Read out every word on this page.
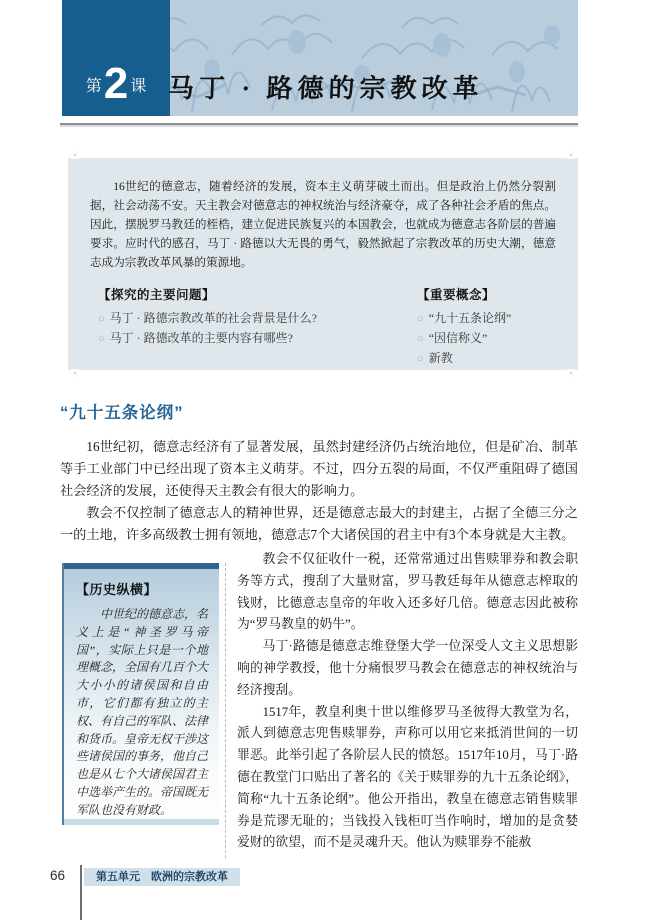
第 2 课 马丁 · 路德的宗教改革
16世纪的德意志，随着经济的发展，资本主义萌芽破土而出。但是政治上仍然分裂割据，社会动荡不安。天主教会对德意志的神权统治与经济豪夺，成了各种社会矛盾的焦点。因此，摆脱罗马教廷的桎梏，建立促进民族复兴的本国教会，也就成为德意志各阶层的普遍要求。应时代的感召，马丁 · 路德以大无畏的勇气，毅然掀起了宗教改革的历史大潮，德意志成为宗教改革风暴的策源地。
【探究的主要问题】
○ 马丁 · 路德宗教改革的社会背景是什么?
○ 马丁 · 路德改革的主要内容有哪些?
【重要概念】
○ “九十五条论纲”
○ “因信称义”
○ 新教
“九十五条论纲”

16世纪初，德意志经济有了显著发展，虽然封建经济仍占统治地位，但是矿冶、制革等手工业部门中已经出现了资本主义萌芽。不过，四分五裂的局面，不仅严重阻碍了德国社会经济的发展，还使得天主教会有很大的影响力。

教会不仅控制了德意志人的精神世界，还是德意志最大的封建主，占据了全德三分之一的土地，许多高级教士拥有领地，德意志7个大诸侯国的君主中有3个本身就是大主教。

【历史纵横】
中世纪的德意志，名义上是“神圣罗马帝国”，实际上只是一个地理概念，全国有几百个大大小小的诸侯国和自由市，它们都有独立的主权、有自己的军队、法律和货币。皇帝无权干涉这些诸侯国的事务，他自己也是从七个大诸侯国君主中选举产生的。帝国既无军队也没有财政。

教会不仅征收什一税，还常常通过出售赎罪券和教会职务等方式，搜刮了大量财富，罗马教廷每年从德意志榨取的钱财，比德意志皇帝的年收入还多好几倍。德意志因此被称为“罗马教皇的奶牛”。

马丁·路德是德意志维登堡大学一位深受人文主义思想影响的神学教授，他十分痛恨罗马教会在德意志的神权统治与经济搜刮。

1517年，教皇利奥十世以维修罗马圣彼得大教堂为名，派人到德意志兜售赎罪券，声称可以用它来抵消世间的一切罪恶。此举引起了各阶层人民的愤怒。1517年10月，马丁·路德在教堂门口贴出了著名的《关于赎罪券的九十五条论纲》，简称“九十五条论纲”。他公开指出，教皇在德意志销售赎罪券是荒谬无耻的；当钱投入钱柜叮当作响时，增加的是贪婪爱财的欲望，而不是灵魂升天。他认为赎罪券不能赦

66	第五单元　欧洲的宗教改革
